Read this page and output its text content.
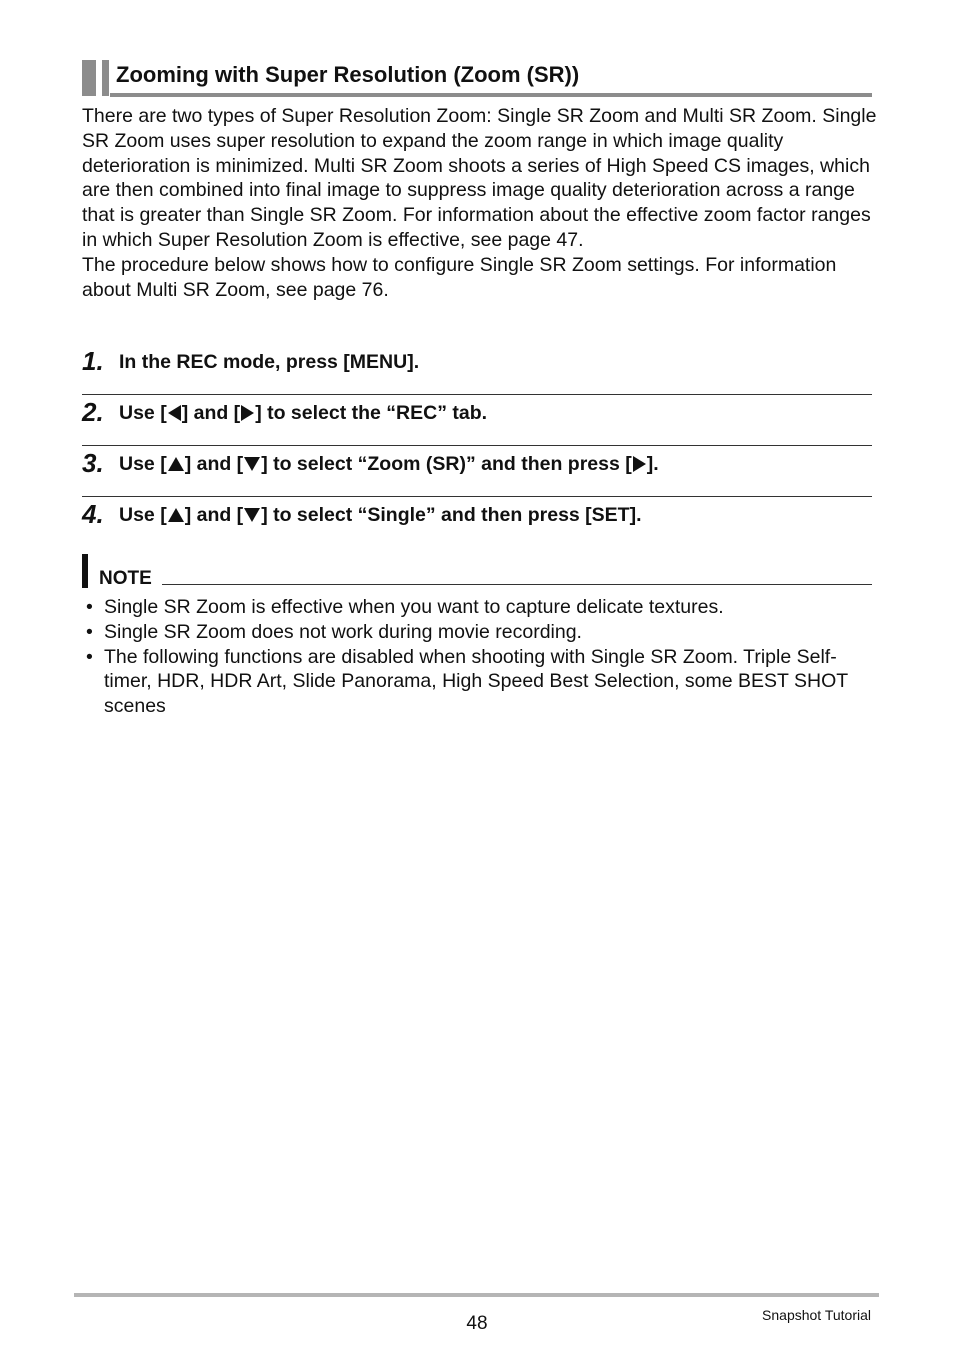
Zooming with Super Resolution (Zoom (SR))

There are two types of Super Resolution Zoom: Single SR Zoom and Multi SR Zoom. Single SR Zoom uses super resolution to expand the zoom range in which image quality deterioration is minimized. Multi SR Zoom shoots a series of High Speed CS images, which are then combined into final image to suppress image quality deterioration across a range that is greater than Single SR Zoom. For information about the effective zoom factor ranges in which Super Resolution Zoom is effective, see page 47.

The procedure below shows how to configure Single SR Zoom settings. For information about Multi SR Zoom, see page 76.

1. In the REC mode, press [MENU].
2. Use [ ] and [ ] to select the “REC” tab.
3. Use [ ] and [ ] to select “Zoom (SR)” and then press [ ].
4. Use [ ] and [ ] to select “Single” and then press [SET].
NOTE
• Single SR Zoom is effective when you want to capture delicate textures.
• Single SR Zoom does not work during movie recording.
• The following functions are disabled when shooting with Single SR Zoom. Triple Self-timer, HDR, HDR Art, Slide Panorama, High Speed Best Selection, some BEST SHOT scenes
48	Snapshot Tutorial
